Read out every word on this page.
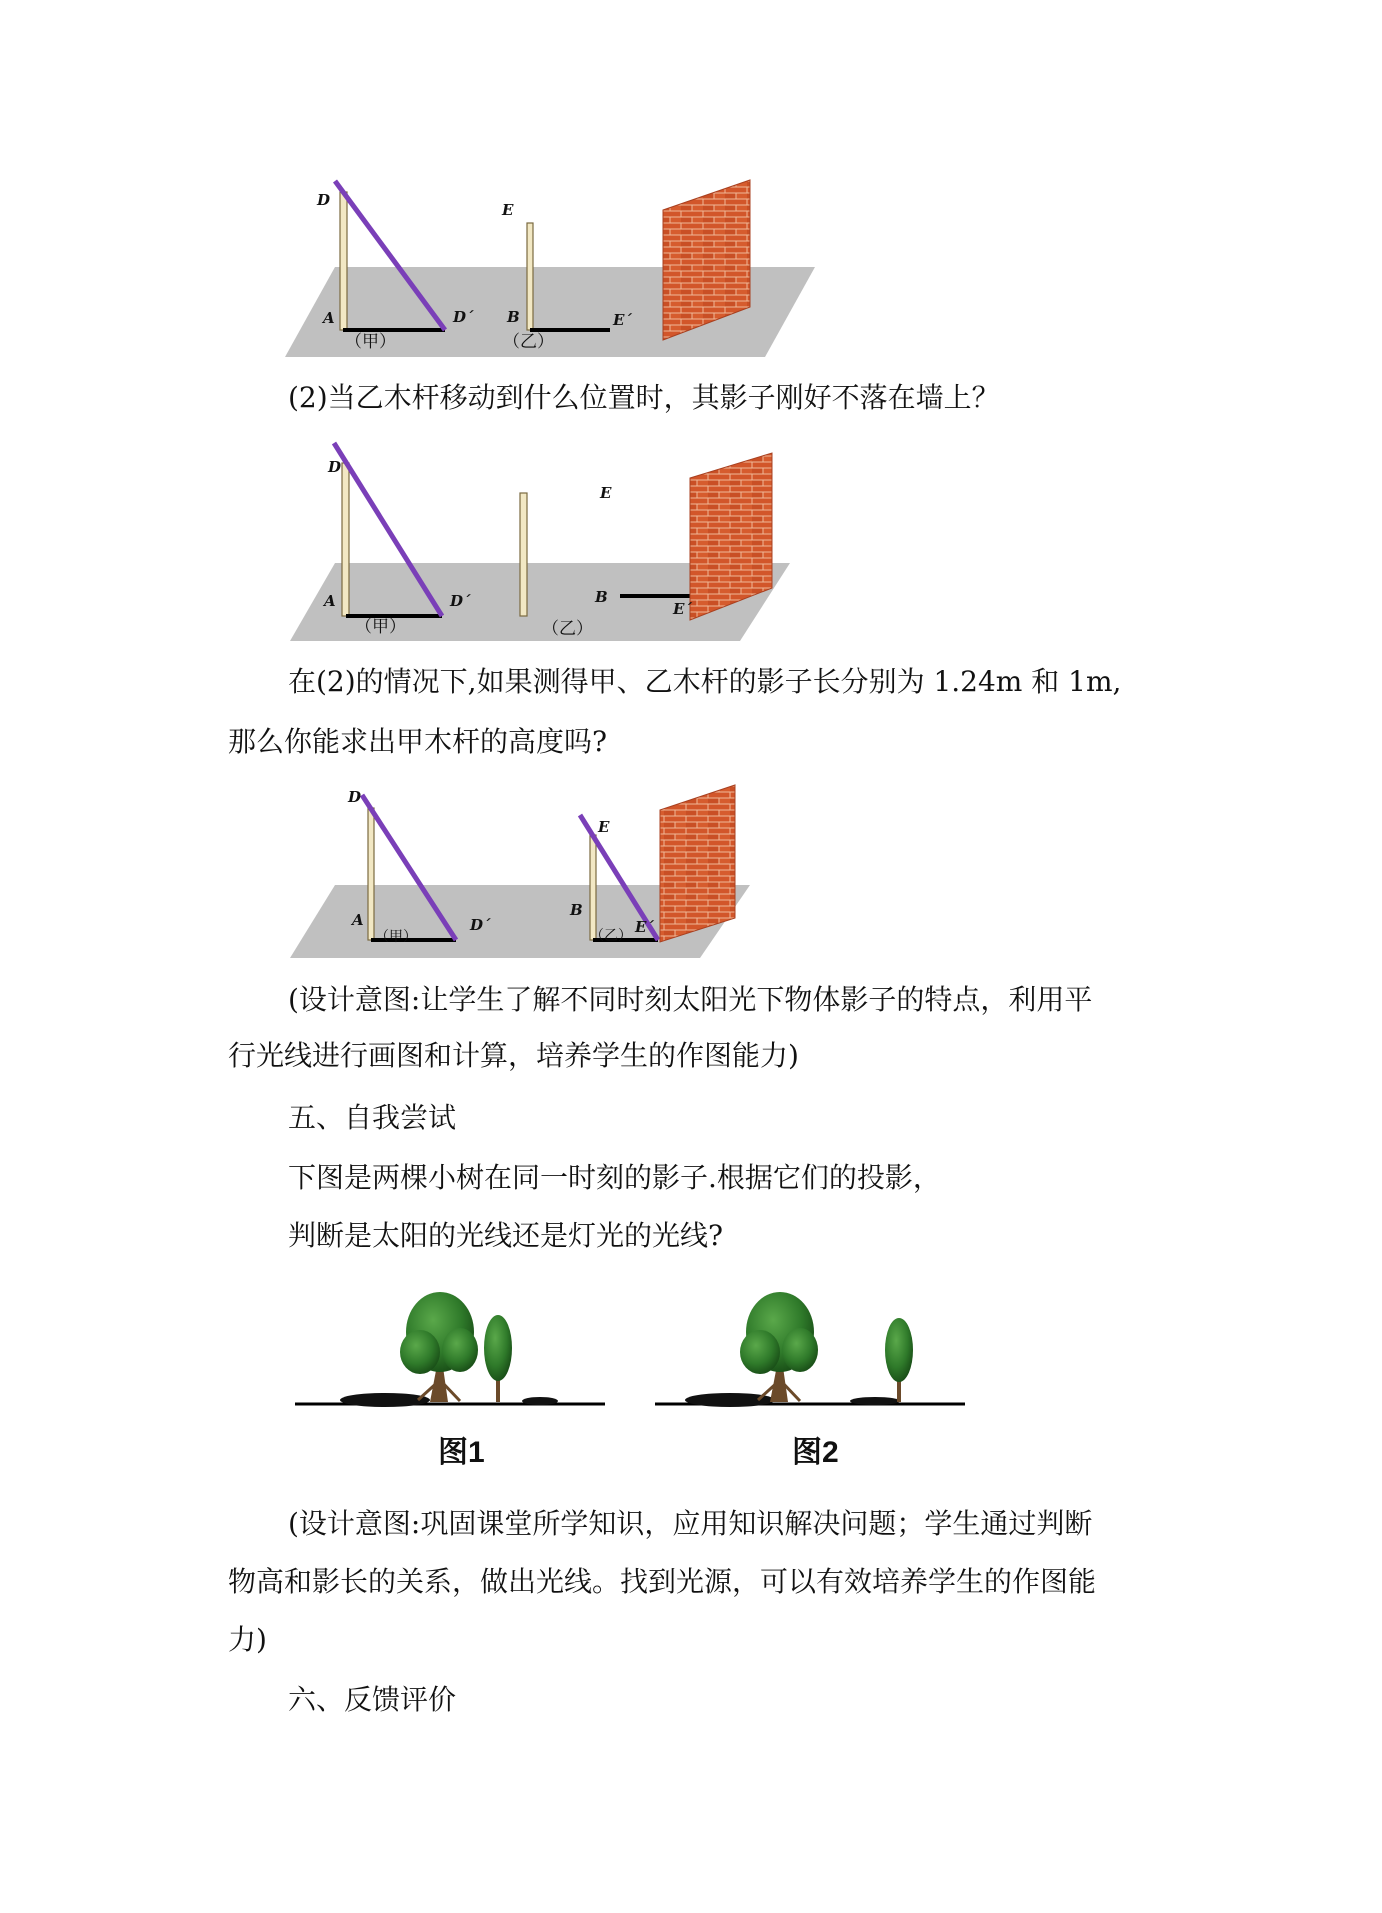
D
A	D´
E
B	E´
（甲）	（乙）

(2)当乙木杆移动到什么位置时，其影子刚好不落在墙上？

D
A	D´
E
B
E´
（甲）	（乙）

在(2)的情况下,如果测得甲、乙木杆的影子长分别为 1.24m 和 1m,

那么你能求出甲木杆的高度吗?

D
A	D´
E
B
E´
（甲）	（乙）

(设计意图:让学生了解不同时刻太阳光下物体影子的特点，利用平

行光线进行画图和计算，培养学生的作图能力)

五、自我尝试

下图是两棵小树在同一时刻的影子.根据它们的投影，

判断是太阳的光线还是灯光的光线?

图1	图2

(设计意图:巩固课堂所学知识，应用知识解决问题；学生通过判断

物高和影长的关系，做出光线。找到光源，可以有效培养学生的作图能

力)

六、反馈评价
